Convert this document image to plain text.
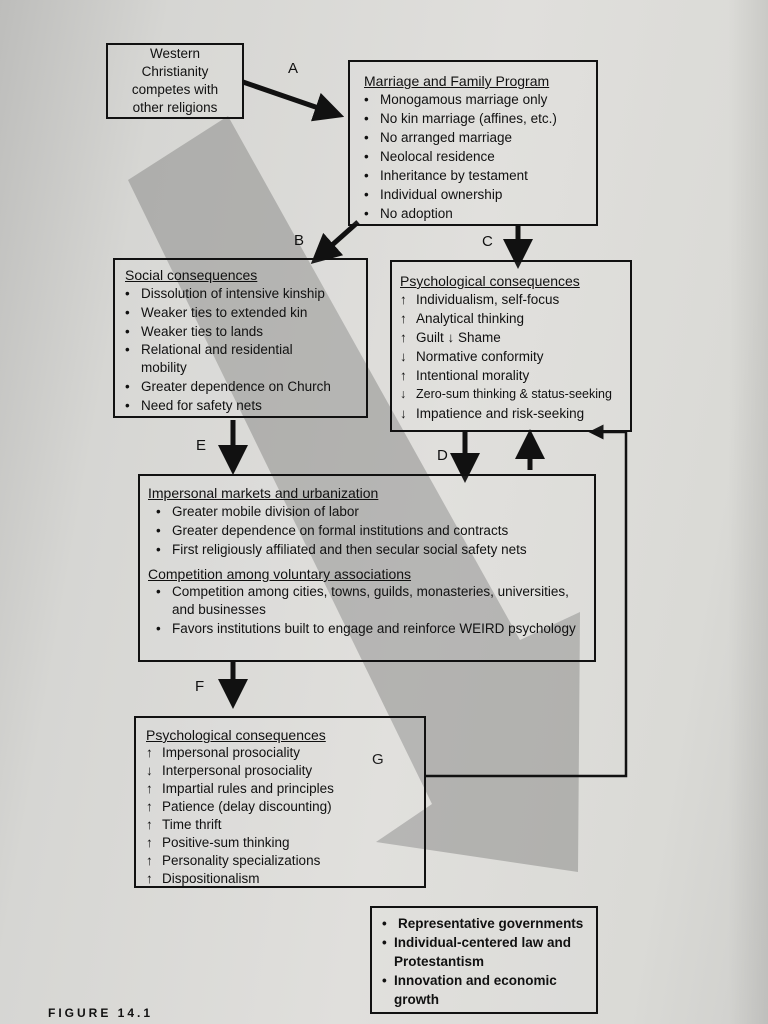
A
B	C
E
D
F
G
Western Christianity competes with other religions
Marriage and Family Program
• Monogamous marriage only
• No kin marriage (affines, etc.)
• No arranged marriage
• Neolocal residence
• Inheritance by testament
• Individual ownership
• No adoption
Social consequences
• Dissolution of intensive kinship
• Weaker ties to extended kin
• Weaker ties to lands
• Relational and residential mobility
• Greater dependence on Church
• Need for safety nets
Psychological consequences
↑ Individualism, self-focus
↑ Analytical thinking
↑ Guilt ↓ Shame
↓ Normative conformity
↑ Intentional morality
↓ Zero-sum thinking & status-seeking
↓ Impatience and risk-seeking
Impersonal markets and urbanization
• Greater mobile division of labor
• Greater dependence on formal institutions and contracts
• First religiously affiliated and then secular social safety nets
Competition among voluntary associations
• Competition among cities, towns, guilds, monasteries, universities, and businesses
• Favors institutions built to engage and reinforce WEIRD psychology
Psychological consequences
↑ Impersonal prosociality
↓ Interpersonal prosociality
↑ Impartial rules and principles
↑ Patience (delay discounting)
↑ Time thrift
↑ Positive-sum thinking
↑ Personality specializations
↑ Dispositionalism
• Representative governments
• Individual-centered law and Protestantism
• Innovation and economic growth
FIGURE 14.1
